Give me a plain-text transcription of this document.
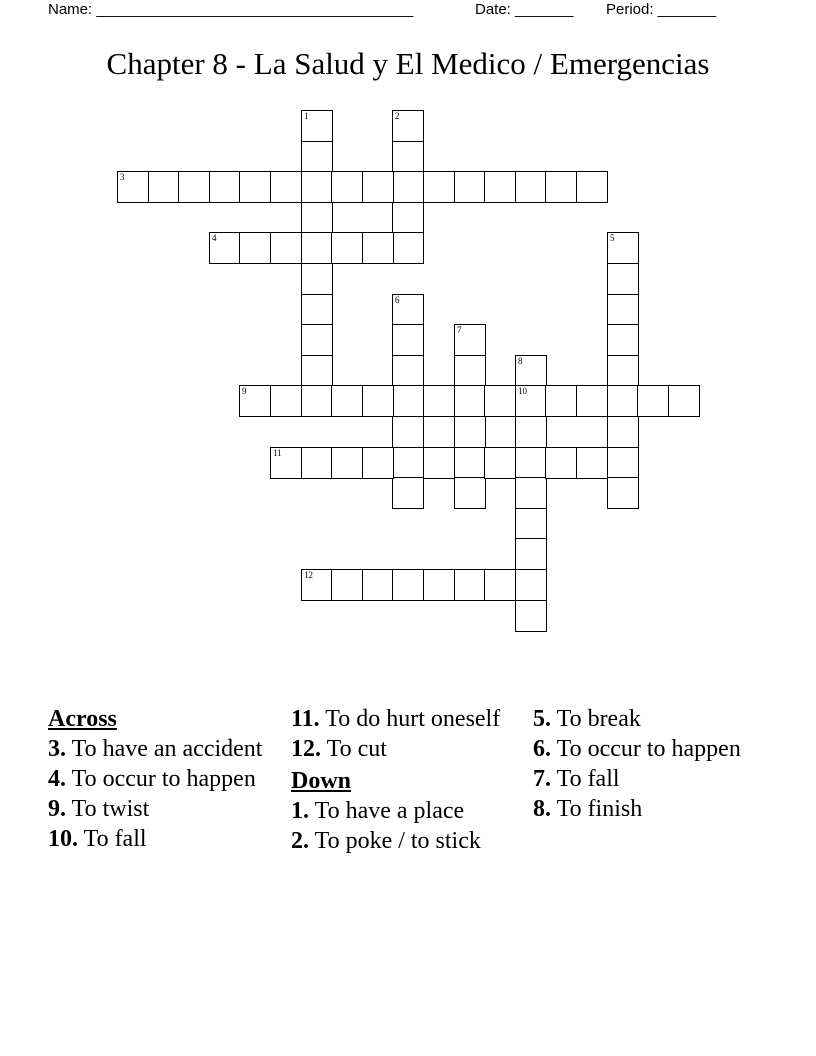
Name: ______________________________________	Date: _______ Period: _______
Chapter 8 - La Salud y El Medico / Emergencias
1	2
3
4	5
6
7
8
10
9
11
12
Across
3. To have an accident
4. To occur to happen
9. To twist
10. To fall
11. To do hurt oneself
12. To cut
Down
1. To have a place
2. To poke / to stick
5. To break
6. To occur to happen
7. To fall
8. To finish
